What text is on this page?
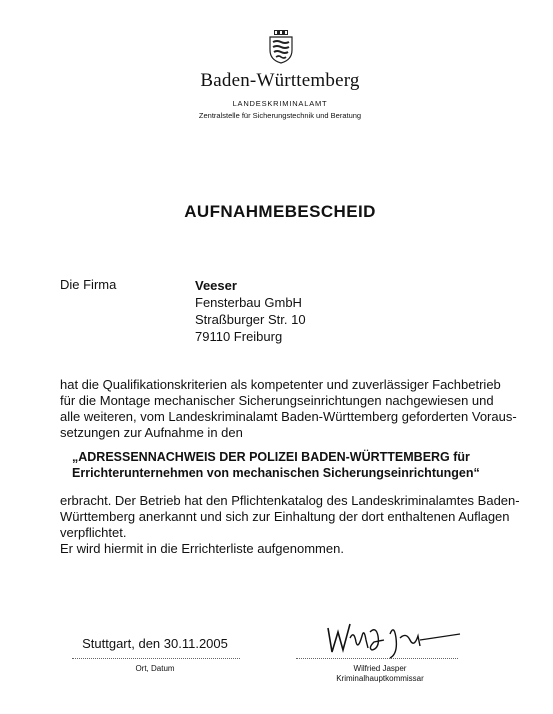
Baden-Württemberg
LANDESKRIMINALAMT
Zentralstelle für Sicherungstechnik und Beratung
AUFNAHMEBESCHEID
Die Firma	Veeser
Fensterbau GmbH
Straßburger Str. 10
79110 Freiburg
hat die Qualifikationskriterien als kompetenter und zuverlässiger Fachbetrieb
für die Montage mechanischer Sicherungseinrichtungen nachgewiesen und
alle weiteren, vom Landeskriminalamt Baden-Württemberg geforderten Voraus-
setzungen zur Aufnahme in den
„ADRESSENNACHWEIS DER POLIZEI BADEN-WÜRTTEMBERG für
Errichterunternehmen von mechanischen Sicherungseinrichtungen“
erbracht. Der Betrieb hat den Pflichtenkatalog des Landeskriminalamtes Baden-
Württemberg anerkannt und sich zur Einhaltung der dort enthaltenen Auflagen
verpflichtet.
Er wird hiermit in die Errichterliste aufgenommen.
Stuttgart, den 30.11.2005
Ort, Datum	Wilfried Jasper
Kriminalhauptkommissar
